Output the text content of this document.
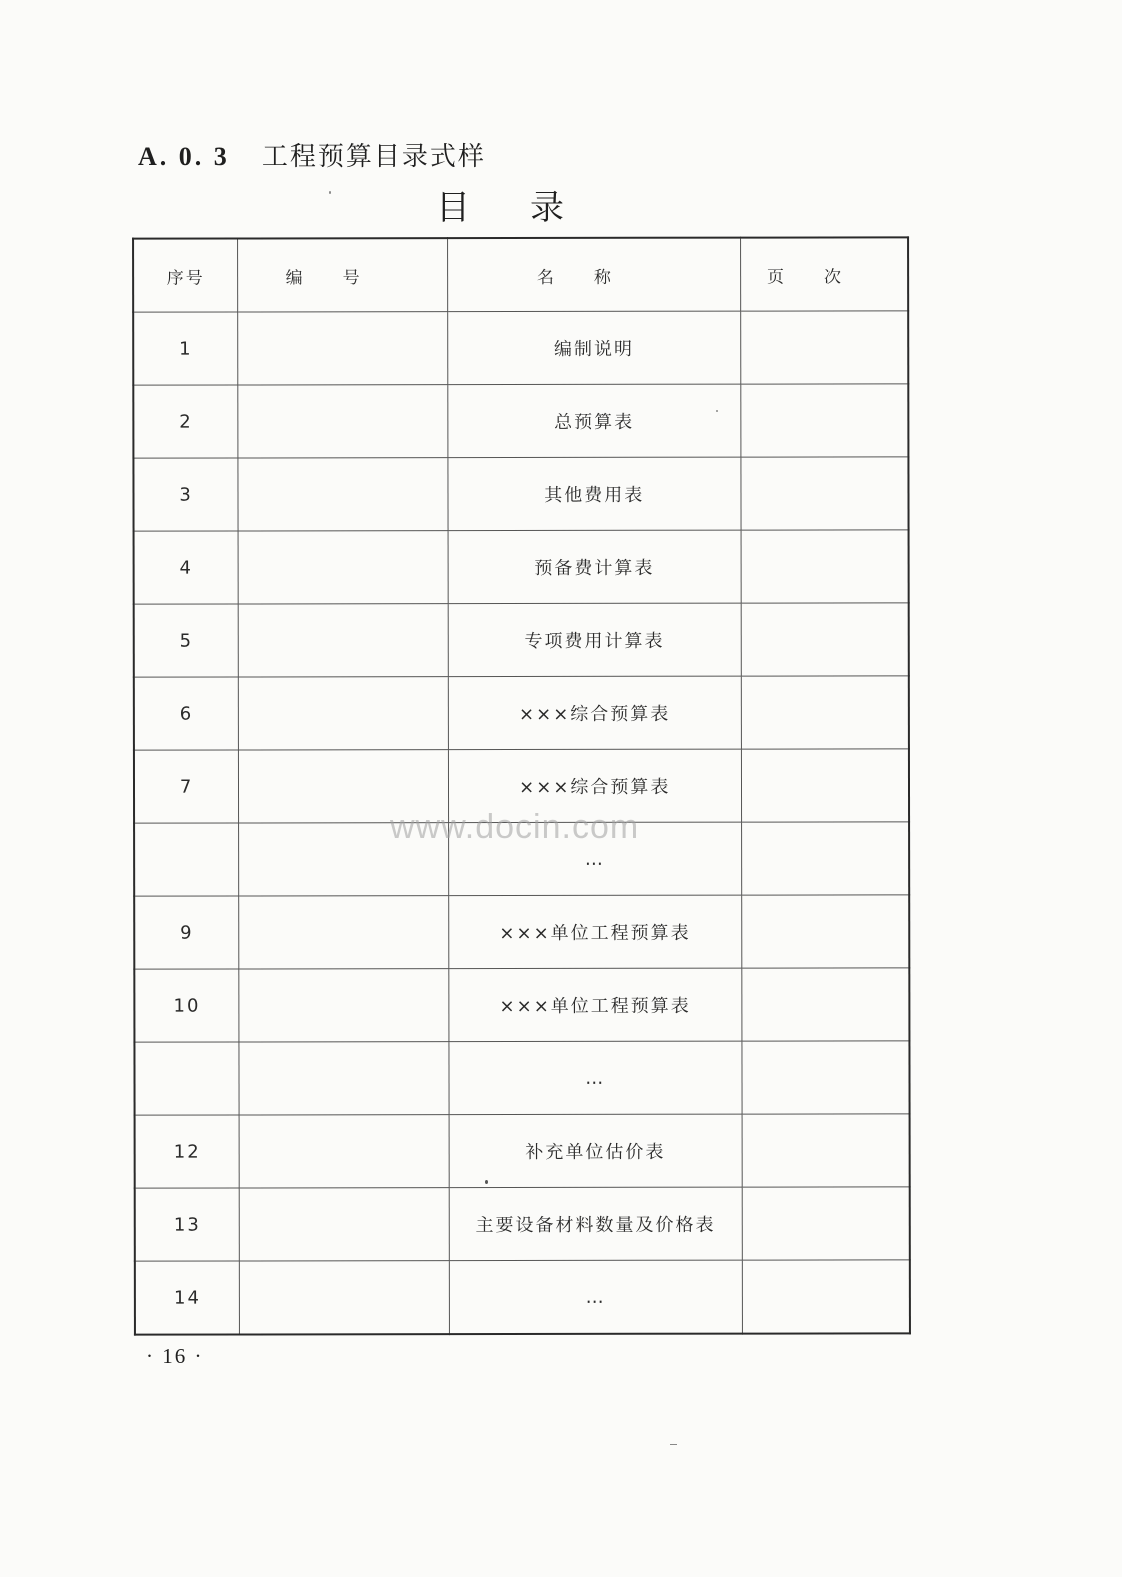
A. 0. 3 工程预算目录式样
目录
序号	编号	名称	页次
1		编制说明	
2		总预算表	
3		其他费用表	
4		预备费计算表	
5		专项费用计算表	
6		×××综合预算表	
7		×××综合预算表	
		…	
9		×××单位工程预算表	
10		×××单位工程预算表	
		…	
12		补充单位估价表	
13		主要设备材料数量及价格表	
14		…	
www.docin.com
· 16 ·
